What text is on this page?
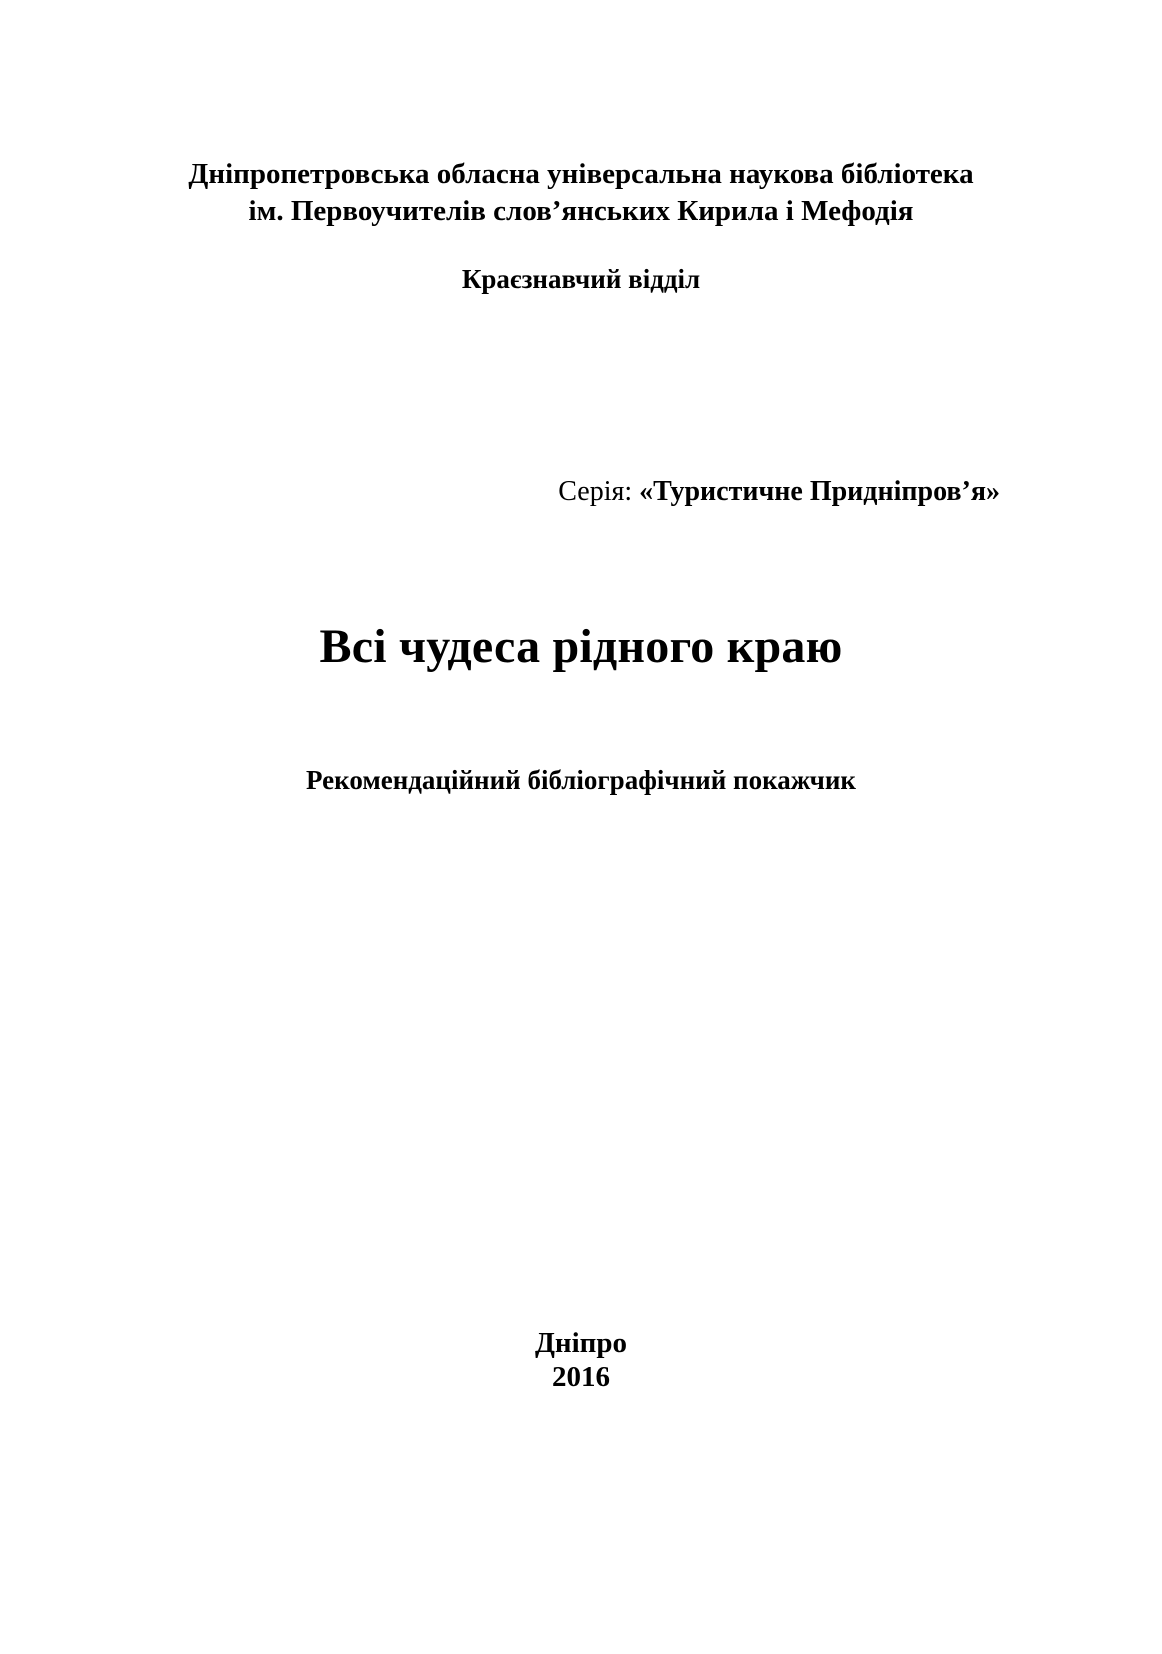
Дніпропетровська обласна універсальна наукова бібліотека
ім. Первоучителів слов’янських Кирила і Мефодія
Краєзнавчий відділ
Серія: «Туристичне Придніпров’я»
Всі чудеса рідного краю
Рекомендаційний бібліографічний покажчик
Дніпро
2016
